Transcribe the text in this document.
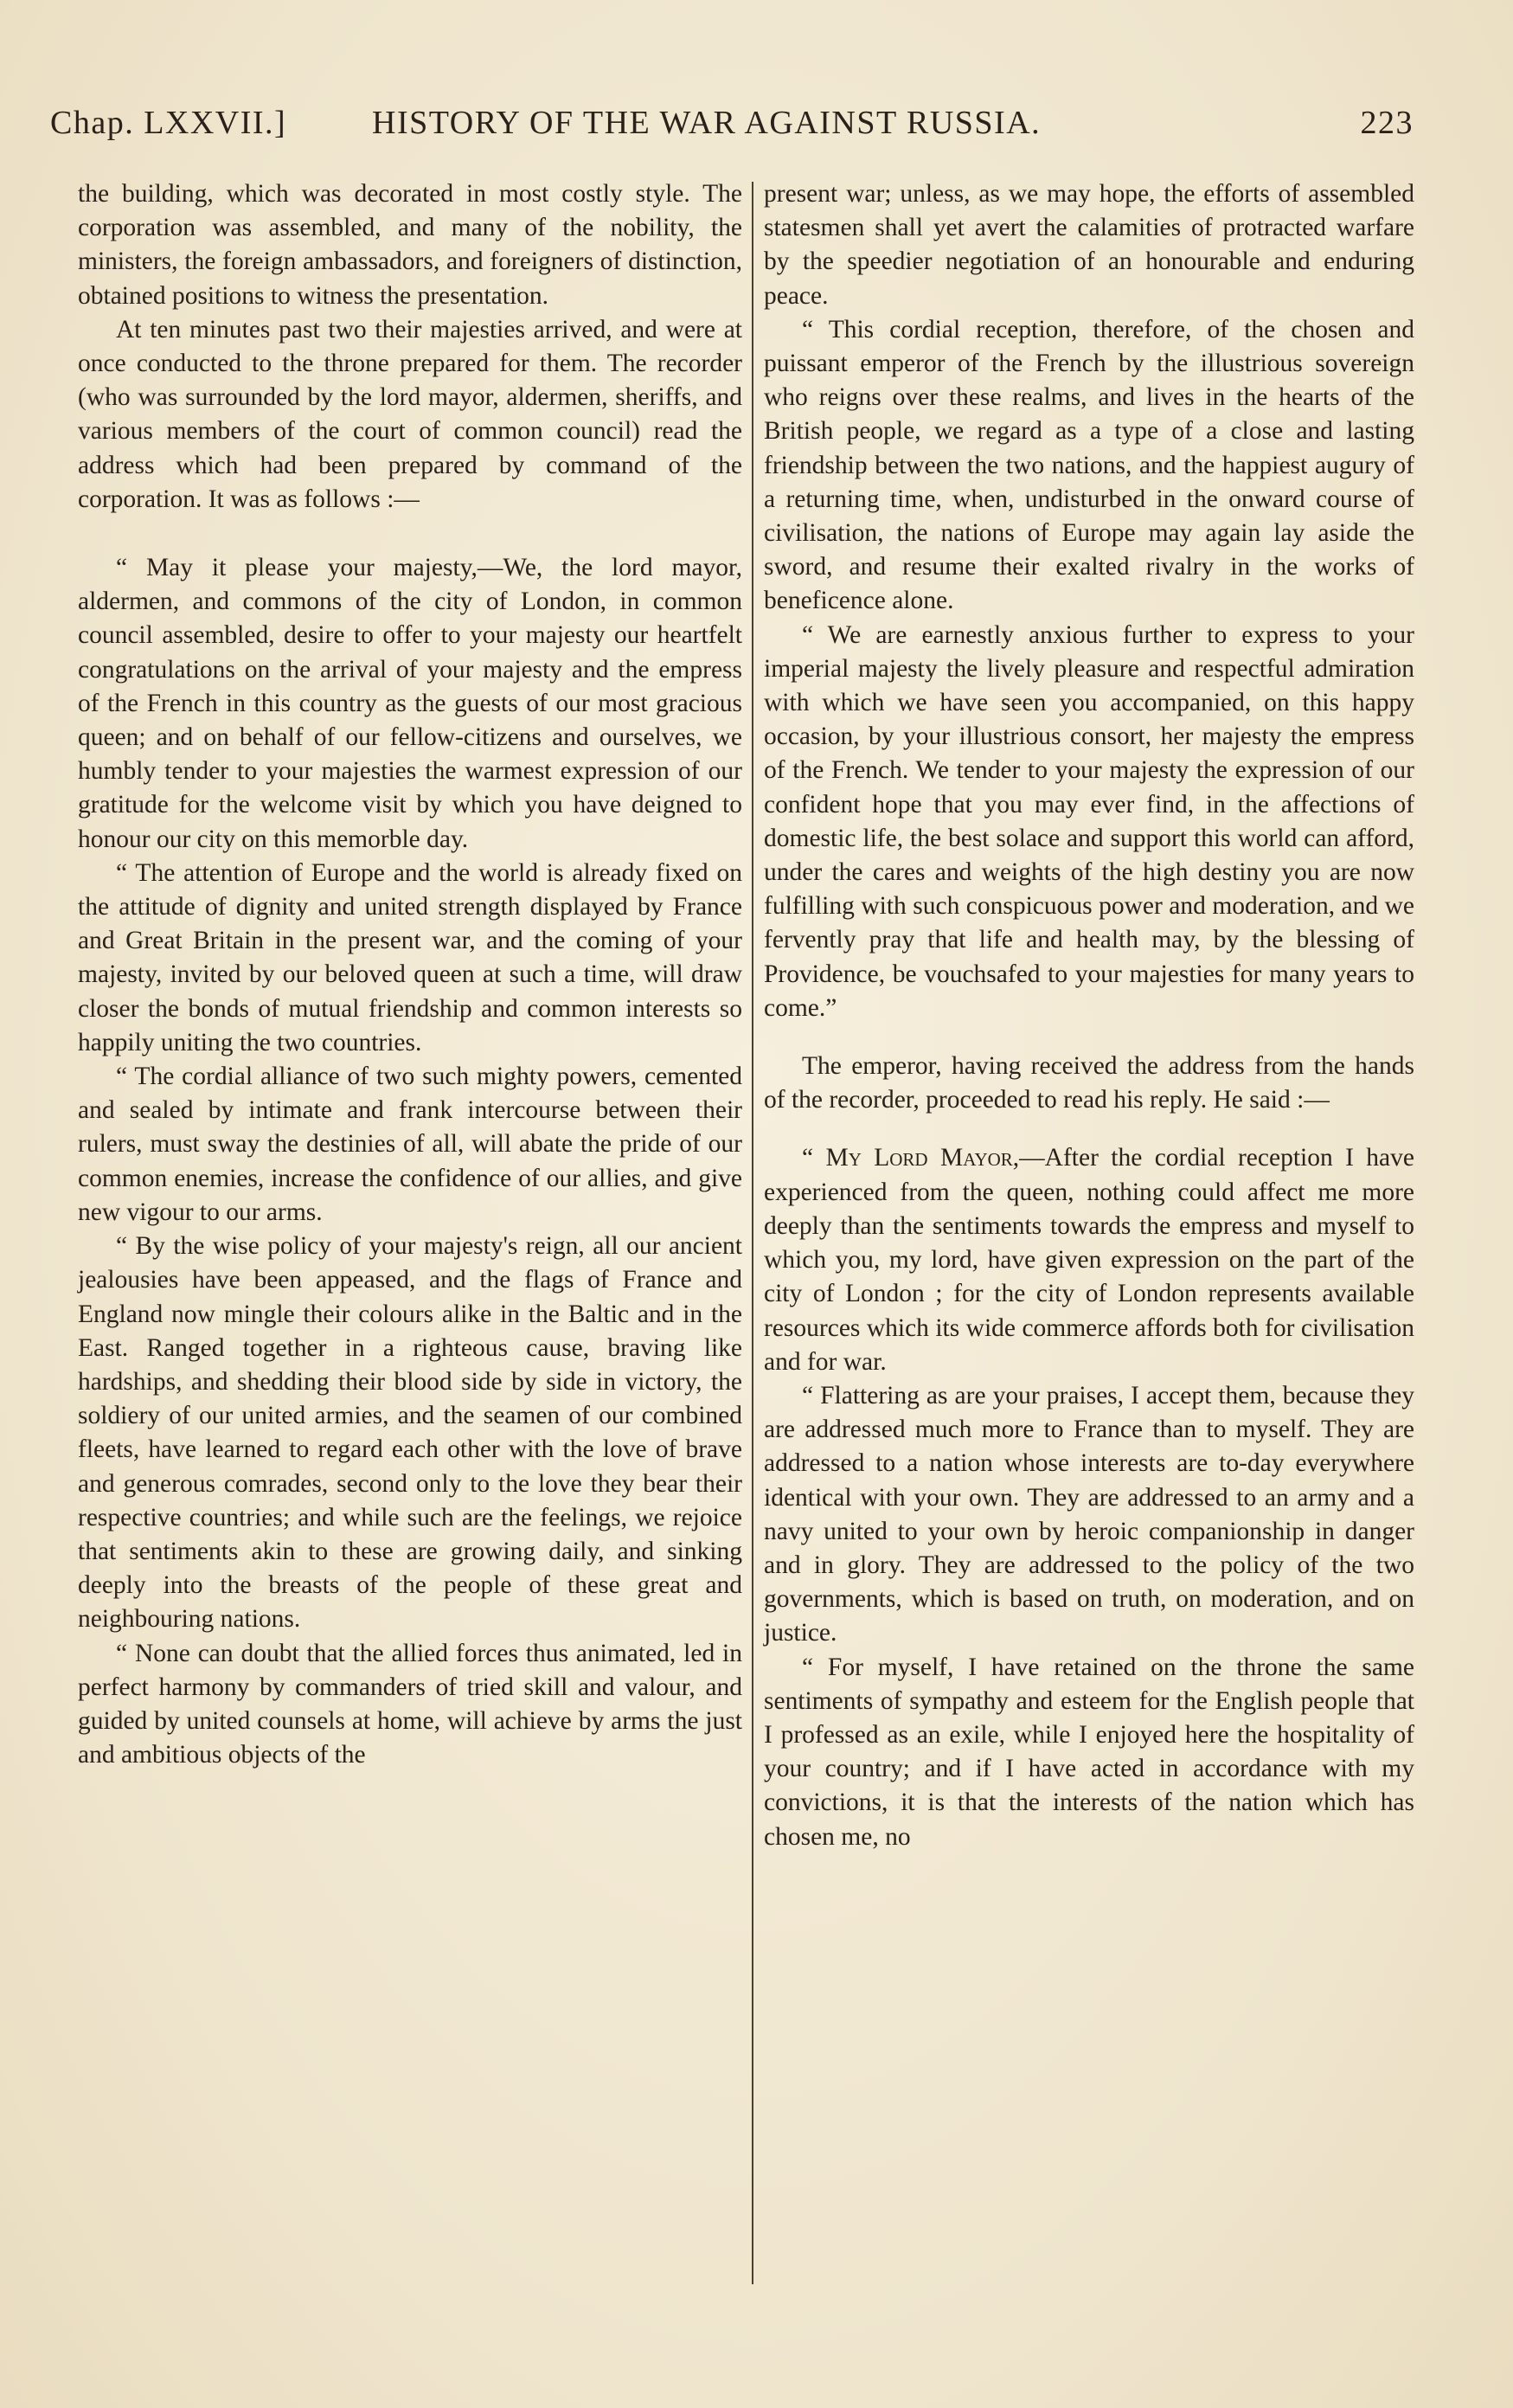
Chap. LXXVII.]	HISTORY OF THE WAR AGAINST RUSSIA.	223

the building, which was decorated in most costly style. The corporation was assembled, and many of the nobility, the ministers, the foreign ambassadors, and foreigners of distinction, obtained positions to witness the presentation.

At ten minutes past two their majesties arrived, and were at once conducted to the throne prepared for them. The recorder (who was surrounded by the lord mayor, aldermen, sheriffs, and various members of the court of common council) read the address which had been prepared by command of the corporation. It was as follows :—

“ May it please your majesty,—We, the lord mayor, aldermen, and commons of the city of London, in common council assembled, desire to offer to your majesty our heartfelt congratulations on the arrival of your majesty and the empress of the French in this country as the guests of our most gracious queen; and on behalf of our fellow-citizens and ourselves, we humbly tender to your majesties the warmest expression of our gratitude for the welcome visit by which you have deigned to honour our city on this memorble day.

“ The attention of Europe and the world is already fixed on the attitude of dignity and united strength displayed by France and Great Britain in the present war, and the coming of your majesty, invited by our beloved queen at such a time, will draw closer the bonds of mutual friendship and common interests so happily uniting the two countries.

“ The cordial alliance of two such mighty powers, cemented and sealed by intimate and frank intercourse between their rulers, must sway the destinies of all, will abate the pride of our common enemies, increase the confidence of our allies, and give new vigour to our arms.

“ By the wise policy of your majesty's reign, all our ancient jealousies have been appeased, and the flags of France and England now mingle their colours alike in the Baltic and in the East. Ranged together in a righteous cause, braving like hardships, and shedding their blood side by side in victory, the soldiery of our united armies, and the seamen of our combined fleets, have learned to regard each other with the love of brave and generous comrades, second only to the love they bear their respective countries; and while such are the feelings, we rejoice that sentiments akin to these are growing daily, and sinking deeply into the breasts of the people of these great and neighbouring nations.

“ None can doubt that the allied forces thus animated, led in perfect harmony by commanders of tried skill and valour, and guided by united counsels at home, will achieve by arms the just and ambitious objects of the

present war; unless, as we may hope, the efforts of assembled statesmen shall yet avert the calamities of protracted warfare by the speedier negotiation of an honourable and enduring peace.

“ This cordial reception, therefore, of the chosen and puissant emperor of the French by the illustrious sovereign who reigns over these realms, and lives in the hearts of the British people, we regard as a type of a close and lasting friendship between the two nations, and the happiest augury of a returning time, when, undisturbed in the onward course of civilisation, the nations of Europe may again lay aside the sword, and resume their exalted rivalry in the works of beneficence alone.

“ We are earnestly anxious further to express to your imperial majesty the lively pleasure and respectful admiration with which we have seen you accompanied, on this happy occasion, by your illustrious consort, her majesty the empress of the French. We tender to your majesty the expression of our confident hope that you may ever find, in the affections of domestic life, the best solace and support this world can afford, under the cares and weights of the high destiny you are now fulfilling with such conspicuous power and moderation, and we fervently pray that life and health may, by the blessing of Providence, be vouchsafed to your majesties for many years to come.”

The emperor, having received the address from the hands of the recorder, proceeded to read his reply. He said :—

“ My Lord Mayor,—After the cordial reception I have experienced from the queen, nothing could affect me more deeply than the sentiments towards the empress and myself to which you, my lord, have given expression on the part of the city of London ; for the city of London represents available resources which its wide commerce affords both for civilisation and for war.

“ Flattering as are your praises, I accept them, because they are addressed much more to France than to myself. They are addressed to a nation whose interests are to-day everywhere identical with your own. They are addressed to an army and a navy united to your own by heroic companionship in danger and in glory. They are addressed to the policy of the two governments, which is based on truth, on moderation, and on justice.

“ For myself, I have retained on the throne the same sentiments of sympathy and esteem for the English people that I professed as an exile, while I enjoyed here the hospitality of your country; and if I have acted in accordance with my convictions, it is that the interests of the nation which has chosen me, no
